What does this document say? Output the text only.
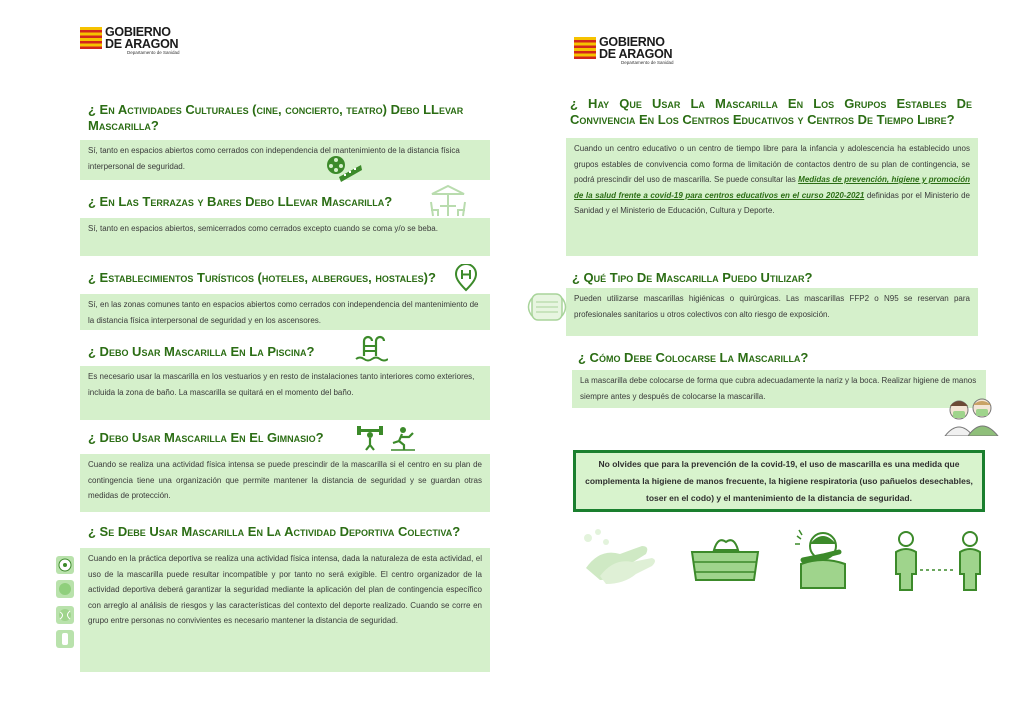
GOBIERNO
DE ARAGON
Departamento de Sanidad
¿ En Actividades Culturales (cine, concierto, teatro) Debo LLevar
Mascarilla?
Sí, tanto en espacios abiertos como cerrados con independencia del mantenimiento de la distancia física interpersonal de seguridad.
¿ En Las Terrazas y Bares Debo LLevar Mascarilla?
Sí, tanto en espacios abiertos, semicerrados como cerrados excepto cuando se coma y/o se beba.
¿ Establecimientos Turísticos (hoteles, albergues, hostales)?
Sí, en las zonas comunes tanto en espacios abiertos como cerrados con independencia del mantenimiento de la distancia física interpersonal de seguridad y en los ascensores.
¿ Debo Usar Mascarilla En La Piscina?
Es necesario usar la mascarilla en los vestuarios y en resto de instalaciones tanto interiores como exteriores, incluida la zona de baño. La mascarilla se quitará en el momento del baño.
¿ Debo Usar Mascarilla En El Gimnasio?
Cuando se realiza una actividad física intensa se puede prescindir de la mascarilla si el centro en su plan de contingencia tiene una organización que permite mantener la distancia de seguridad y se guardan otras medidas de protección.
¿ Se Debe Usar Mascarilla En La Actividad Deportiva Colectiva?
Cuando en la práctica deportiva se realiza una actividad física intensa, dada la naturaleza de esta actividad, el uso de la mascarilla puede resultar incompatible y por tanto no será exigible. El centro organizador de la actividad deportiva deberá garantizar la seguridad mediante la aplicación del plan de contingencia específico con arreglo al análisis de riesgos y las características del contexto del deporte realizado. Cuando se corre en grupo entre personas no convivientes es necesario mantener la distancia de seguridad.
GOBIERNO
DE ARAGON
Departamento de Sanidad
¿ Hay Que Usar La Mascarilla En Los Grupos Estables De
Convivencia En Los Centros Educativos y Centros De Tiempo Libre?
Cuando un centro educativo o un centro de tiempo libre para la infancia y adolescencia ha establecido unos grupos estables de convivencia como forma de limitación de contactos dentro de su plan de contingencia, se podrá prescindir del uso de mascarilla. Se puede consultar las Medidas de prevención, higiene y promoción de la salud frente a covid-19 para centros educativos en el curso 2020-2021 definidas por el Ministerio de Sanidad y el Ministerio de Educación, Cultura y Deporte.
¿ Qué Tipo De Mascarilla Puedo Utilizar?
Pueden utilizarse mascarillas higiénicas o quirúrgicas. Las mascarillas FFP2 o N95 se reservan para profesionales sanitarios u otros colectivos con alto riesgo de exposición.
¿ Cómo Debe Colocarse La Mascarilla?
La mascarilla debe colocarse de forma que cubra adecuadamente la nariz y la boca. Realizar higiene de manos siempre antes y después de colocarse la mascarilla.
No olvides que para la prevención de la covid-19, el uso de mascarilla es una medida que complementa la higiene de manos frecuente, la higiene respiratoria (uso pañuelos desechables, toser en el codo) y el mantenimiento de la distancia de seguridad.
